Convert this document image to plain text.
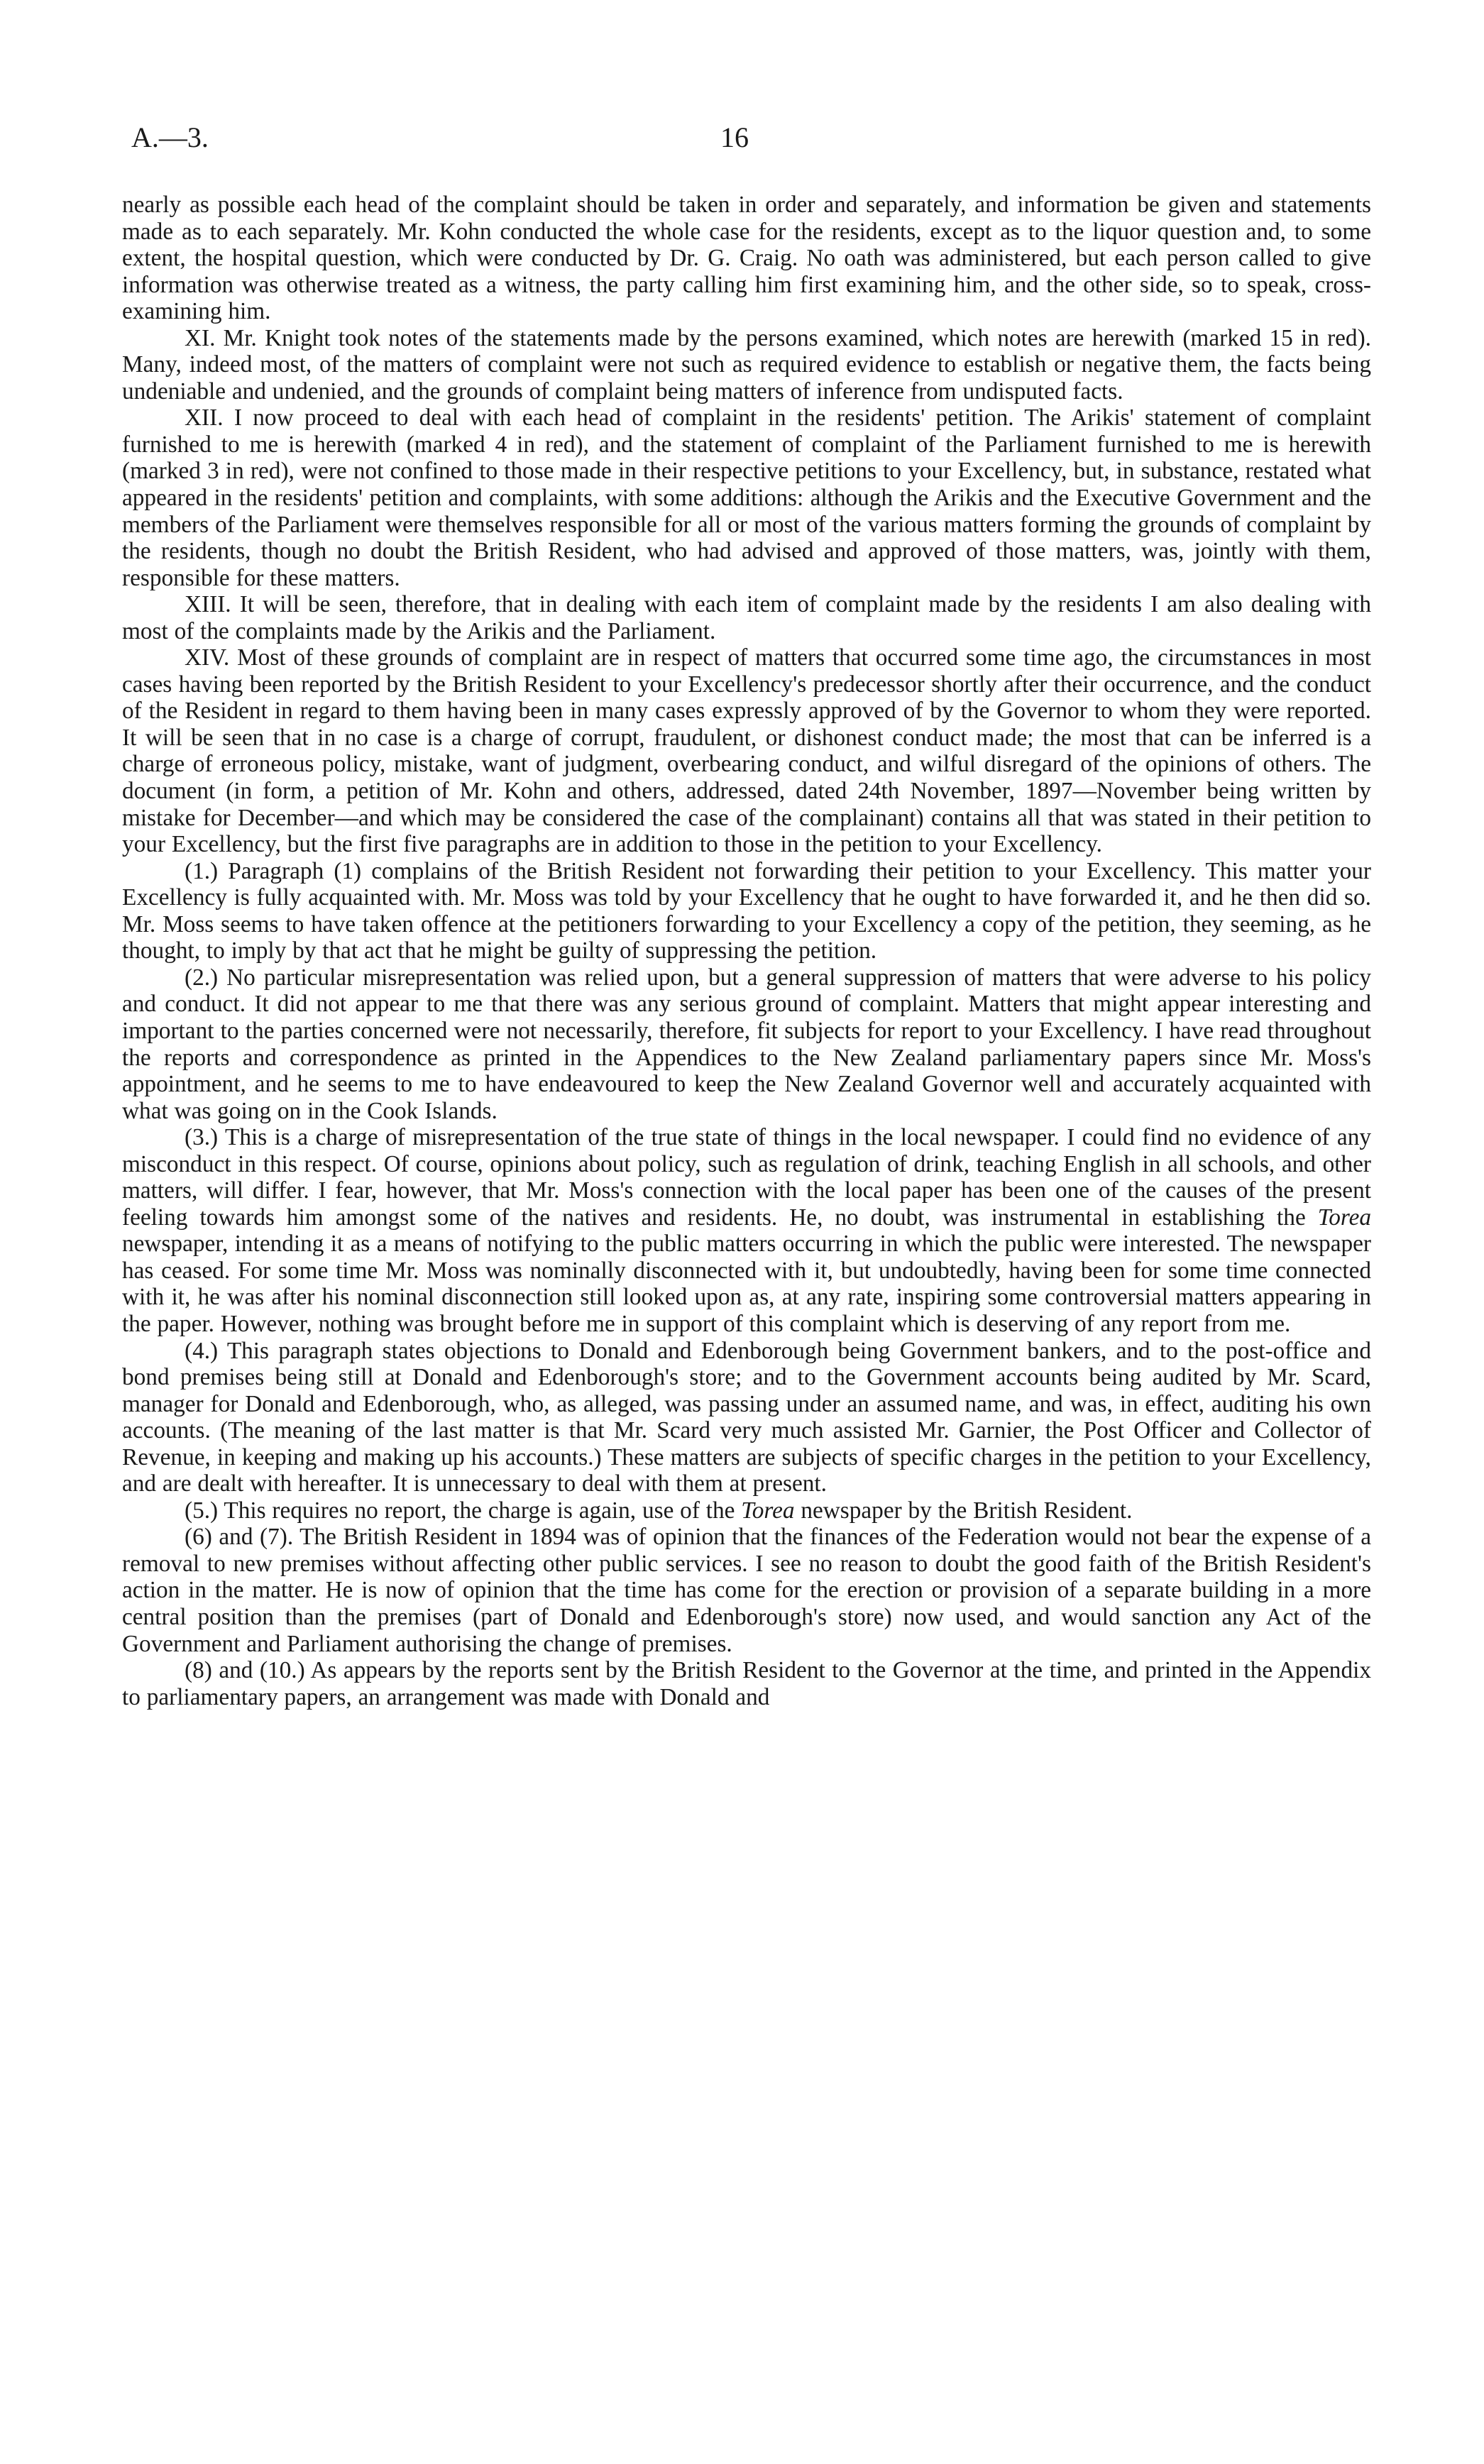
A.—3.	16

nearly as possible each head of the complaint should be taken in order and separately, and information be given and statements made as to each separately. Mr. Kohn conducted the whole case for the residents, except as to the liquor question and, to some extent, the hospital question, which were conducted by Dr. G. Craig. No oath was administered, but each person called to give information was otherwise treated as a witness, the party calling him first examining him, and the other side, so to speak, cross-examining him.

XI. Mr. Knight took notes of the statements made by the persons examined, which notes are herewith (marked 15 in red). Many, indeed most, of the matters of complaint were not such as required evidence to establish or negative them, the facts being undeniable and undenied, and the grounds of complaint being matters of inference from undisputed facts.

XII. I now proceed to deal with each head of complaint in the residents' petition. The Arikis' statement of complaint furnished to me is herewith (marked 4 in red), and the statement of complaint of the Parliament furnished to me is herewith (marked 3 in red), were not confined to those made in their respective petitions to your Excellency, but, in substance, restated what appeared in the residents' petition and complaints, with some additions: although the Arikis and the Executive Government and the members of the Parliament were themselves responsible for all or most of the various matters forming the grounds of complaint by the residents, though no doubt the British Resident, who had advised and approved of those matters, was, jointly with them, responsible for these matters.

XIII. It will be seen, therefore, that in dealing with each item of complaint made by the residents I am also dealing with most of the complaints made by the Arikis and the Parliament.

XIV. Most of these grounds of complaint are in respect of matters that occurred some time ago, the circumstances in most cases having been reported by the British Resident to your Excellency's predecessor shortly after their occurrence, and the conduct of the Resident in regard to them having been in many cases expressly approved of by the Governor to whom they were reported. It will be seen that in no case is a charge of corrupt, fraudulent, or dishonest conduct made; the most that can be inferred is a charge of erroneous policy, mistake, want of judgment, overbearing conduct, and wilful disregard of the opinions of others. The document (in form, a petition of Mr. Kohn and others, addressed, dated 24th November, 1897—November being written by mistake for December—and which may be considered the case of the complainant) contains all that was stated in their petition to your Excellency, but the first five paragraphs are in addition to those in the petition to your Excellency.

(1.) Paragraph (1) complains of the British Resident not forwarding their petition to your Excellency. This matter your Excellency is fully acquainted with. Mr. Moss was told by your Excellency that he ought to have forwarded it, and he then did so. Mr. Moss seems to have taken offence at the petitioners forwarding to your Excellency a copy of the petition, they seeming, as he thought, to imply by that act that he might be guilty of suppressing the petition.

(2.) No particular misrepresentation was relied upon, but a general suppression of matters that were adverse to his policy and conduct. It did not appear to me that there was any serious ground of complaint. Matters that might appear interesting and important to the parties concerned were not necessarily, therefore, fit subjects for report to your Excellency. I have read throughout the reports and correspondence as printed in the Appendices to the New Zealand parliamentary papers since Mr. Moss's appointment, and he seems to me to have endeavoured to keep the New Zealand Governor well and accurately acquainted with what was going on in the Cook Islands.

(3.) This is a charge of misrepresentation of the true state of things in the local newspaper. I could find no evidence of any misconduct in this respect. Of course, opinions about policy, such as regulation of drink, teaching English in all schools, and other matters, will differ. I fear, however, that Mr. Moss's connection with the local paper has been one of the causes of the present feeling towards him amongst some of the natives and residents. He, no doubt, was instrumental in establishing the Torea newspaper, intending it as a means of notifying to the public matters occurring in which the public were interested. The newspaper has ceased. For some time Mr. Moss was nominally disconnected with it, but undoubtedly, having been for some time connected with it, he was after his nominal disconnection still looked upon as, at any rate, inspiring some controversial matters appearing in the paper. However, nothing was brought before me in support of this complaint which is deserving of any report from me.

(4.) This paragraph states objections to Donald and Edenborough being Government bankers, and to the post-office and bond premises being still at Donald and Edenborough's store; and to the Government accounts being audited by Mr. Scard, manager for Donald and Edenborough, who, as alleged, was passing under an assumed name, and was, in effect, auditing his own accounts. (The meaning of the last matter is that Mr. Scard very much assisted Mr. Garnier, the Post Officer and Collector of Revenue, in keeping and making up his accounts.) These matters are subjects of specific charges in the petition to your Excellency, and are dealt with hereafter. It is unnecessary to deal with them at present.

(5.) This requires no report, the charge is again, use of the Torea newspaper by the British Resident.

(6) and (7). The British Resident in 1894 was of opinion that the finances of the Federation would not bear the expense of a removal to new premises without affecting other public services. I see no reason to doubt the good faith of the British Resident's action in the matter. He is now of opinion that the time has come for the erection or provision of a separate building in a more central position than the premises (part of Donald and Edenborough's store) now used, and would sanction any Act of the Government and Parliament authorising the change of premises.

(8) and (10.) As appears by the reports sent by the British Resident to the Governor at the time, and printed in the Appendix to parliamentary papers, an arrangement was made with Donald and
